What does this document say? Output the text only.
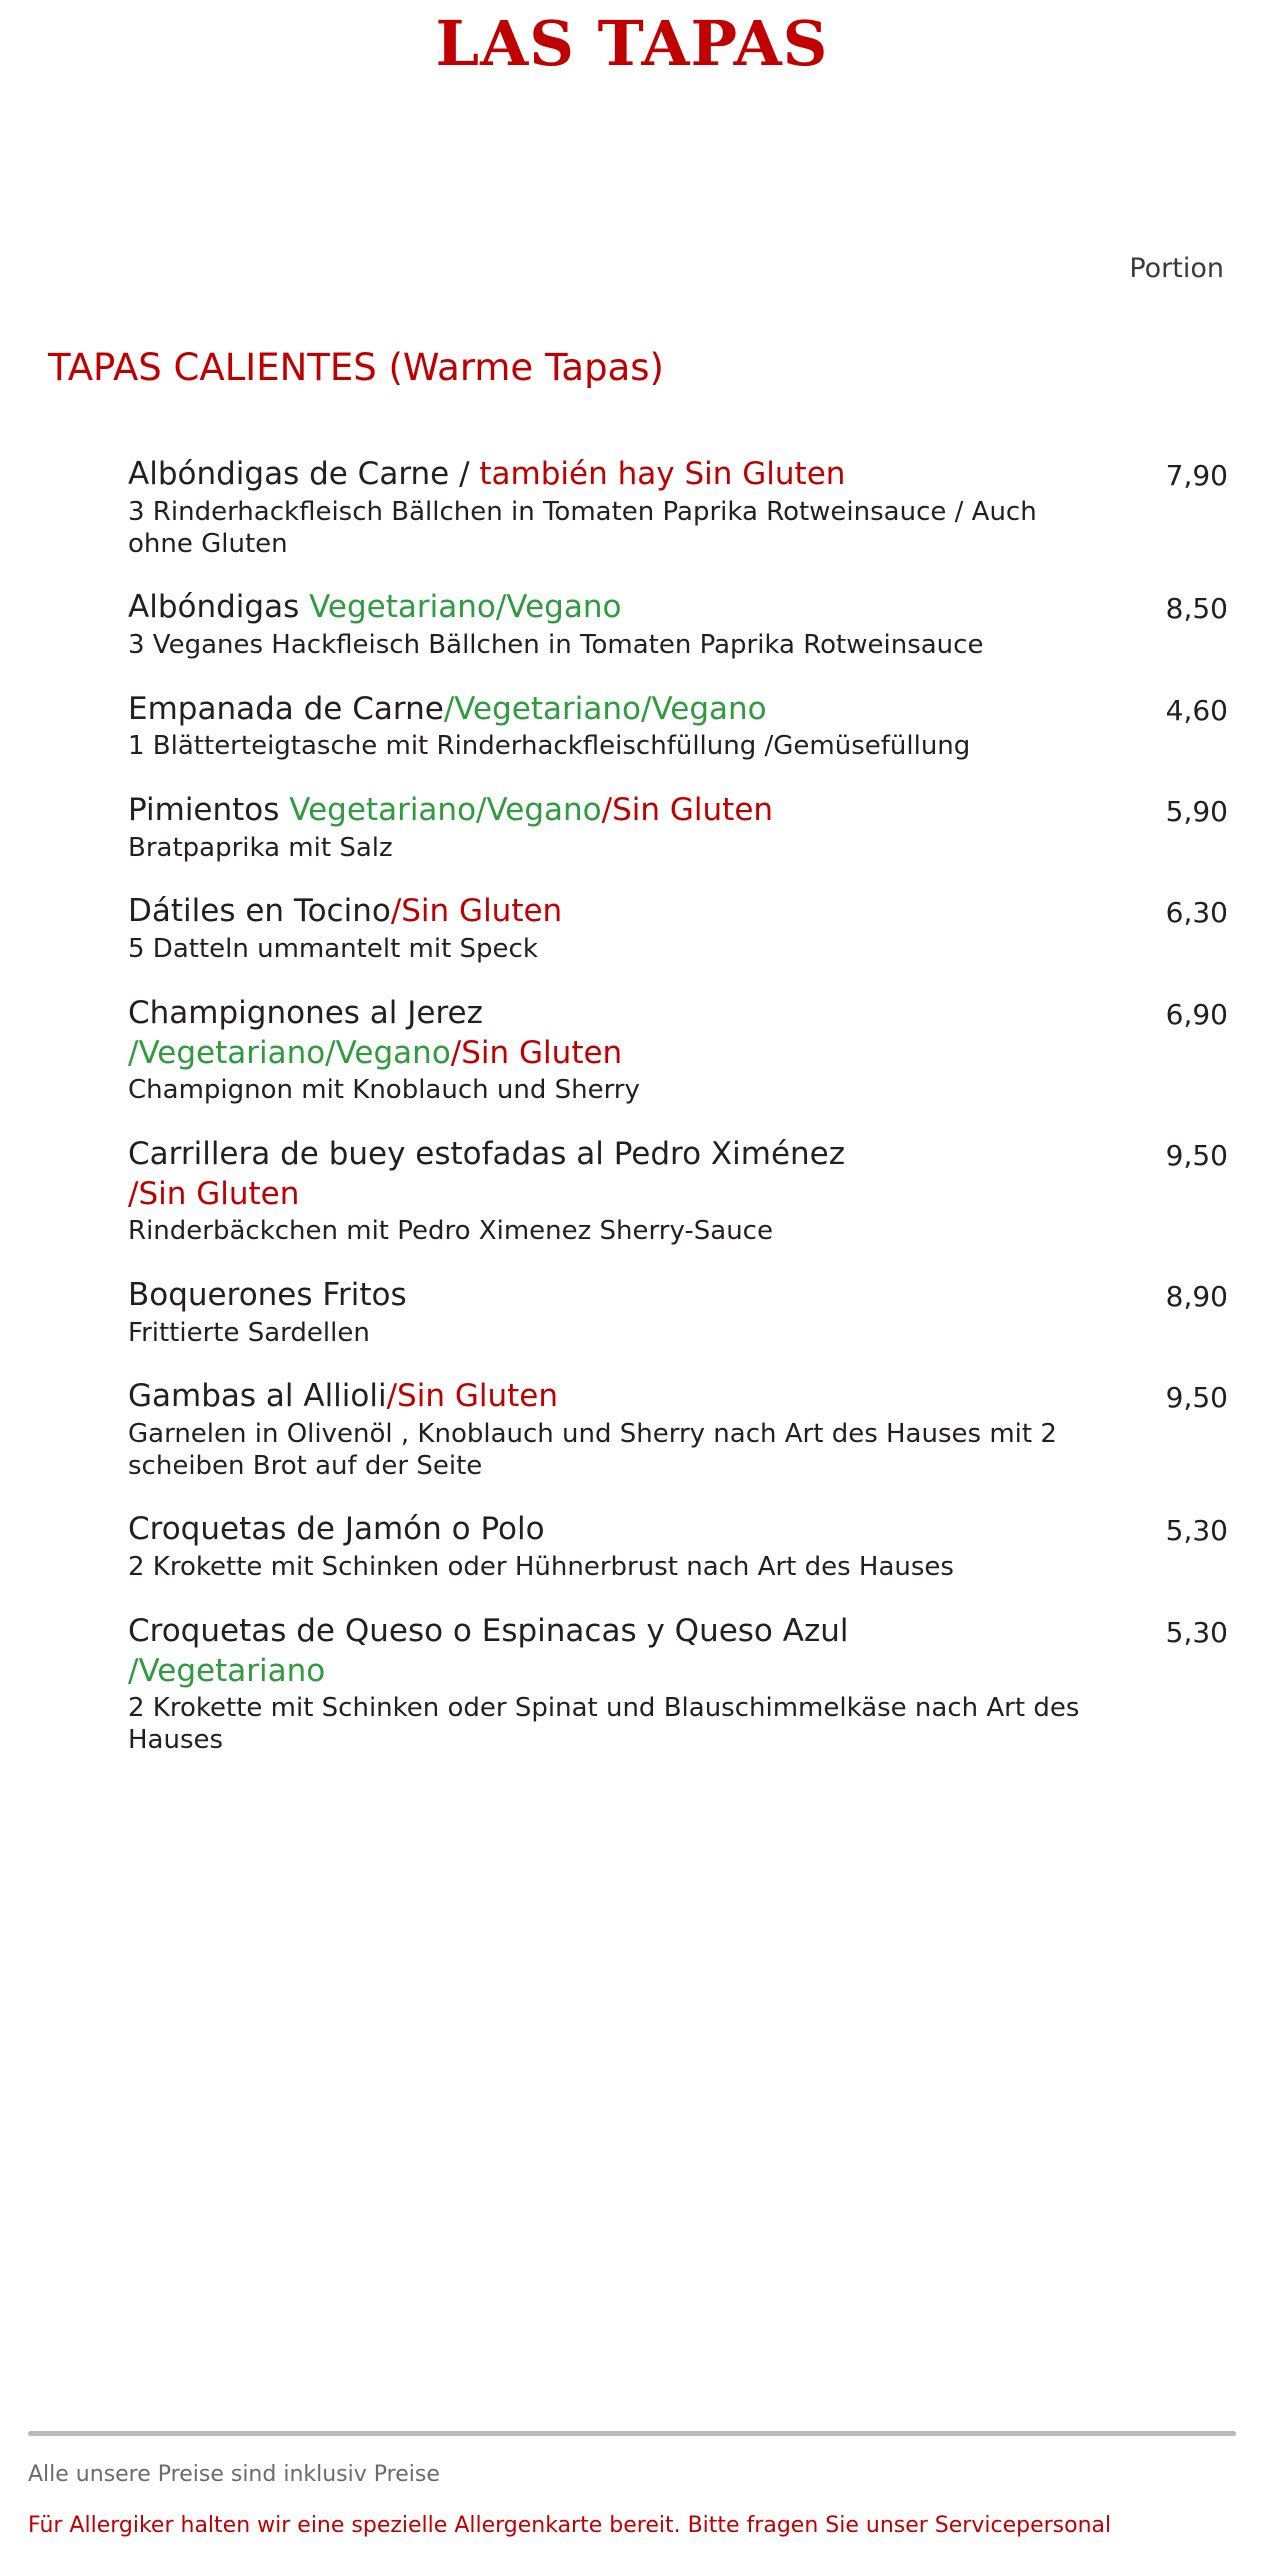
LAS TAPAS
Portion
TAPAS CALIENTES (Warme Tapas)
Albóndigas de Carne / también hay Sin Gluten
3 Rinderhackfleisch Bällchen in Tomaten Paprika Rotweinsauce / Auch ohne Gluten
7,90
Albóndigas Vegetariano/Vegano
3 Veganes Hackfleisch Bällchen in Tomaten Paprika Rotweinsauce
8,50
Empanada de Carne/Vegetariano/Vegano
1 Blätterteigtasche mit Rinderhackfleischfüllung /Gemüsefüllung
4,60
Pimientos Vegetariano/Vegano/Sin Gluten
Bratpaprika mit Salz
5,90
Dátiles en Tocino/Sin Gluten
5 Datteln ummantelt mit Speck
6,30
Champignones al Jerez
/Vegetariano/Vegano/Sin Gluten
Champignon mit Knoblauch und Sherry
6,90
Carrillera de buey estofadas al Pedro Ximénez
/Sin Gluten
Rinderbäckchen mit Pedro Ximenez Sherry-Sauce
9,50
Boquerones Fritos
Frittierte Sardellen
8,90
Gambas al Allioli/Sin Gluten
Garnelen in Olivenöl , Knoblauch und Sherry nach Art des Hauses mit 2 scheiben Brot auf der Seite
9,50
Croquetas de Jamón o Polo
2 Krokette mit Schinken oder Hühnerbrust nach Art des Hauses
5,30
Croquetas de Queso o Espinacas y Queso Azul
/Vegetariano
2 Krokette mit Schinken oder Spinat und Blauschimmelkäse nach Art des Hauses
5,30
Alle unsere Preise sind inklusiv Preise
Für Allergiker halten wir eine spezielle Allergenkarte bereit. Bitte fragen Sie unser Servicepersonal
